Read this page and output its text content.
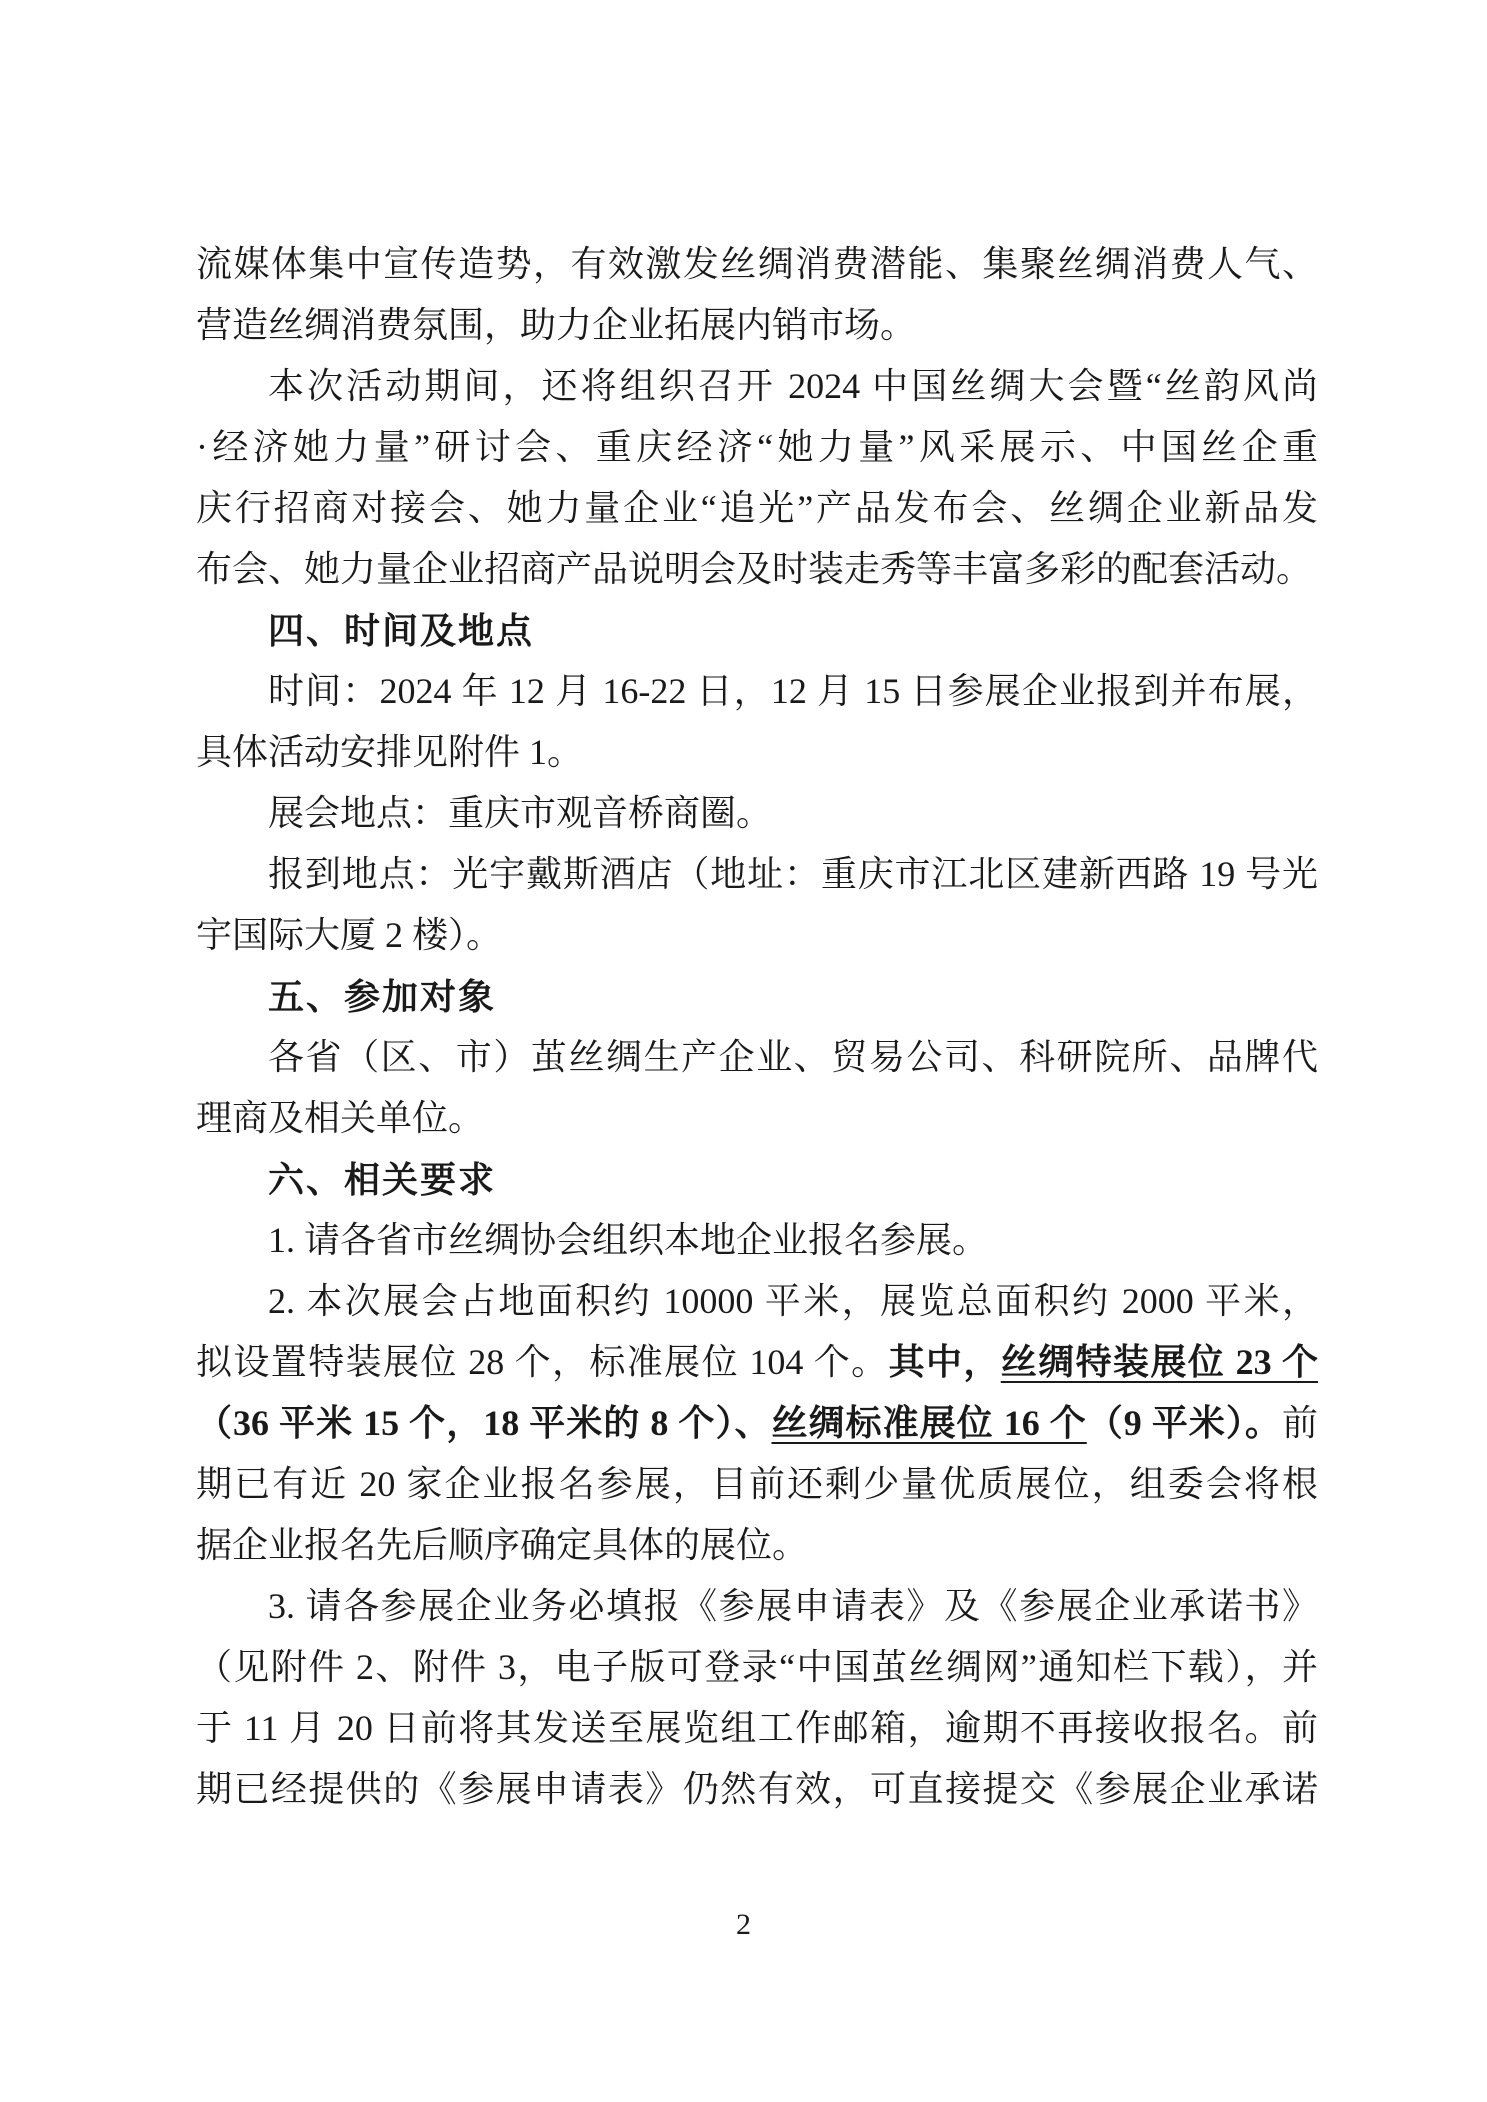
流媒体集中宣传造势，有效激发丝绸消费潜能、集聚丝绸消费人气、
营造丝绸消费氛围，助力企业拓展内销市场。
本次活动期间，还将组织召开 2024 中国丝绸大会暨“丝韵风尚
·经济她力量”研讨会、重庆经济“她力量”风采展示、中国丝企重
庆行招商对接会、她力量企业“追光”产品发布会、丝绸企业新品发
布会、她力量企业招商产品说明会及时装走秀等丰富多彩的配套活动。
四、时间及地点
时间：2024 年 12 月 16-22 日，12 月 15 日参展企业报到并布展，
具体活动安排见附件 1。
展会地点：重庆市观音桥商圈。
报到地点：光宇戴斯酒店（地址：重庆市江北区建新西路 19 号光
宇国际大厦 2 楼）。
五、参加对象
各省（区、市）茧丝绸生产企业、贸易公司、科研院所、品牌代
理商及相关单位。
六、相关要求
1. 请各省市丝绸协会组织本地企业报名参展。
2. 本次展会占地面积约 10000 平米，展览总面积约 2000 平米，
拟设置特装展位 28 个，标准展位 104 个。其中，丝绸特装展位 23 个
（36 平米 15 个，18 平米的 8 个）、丝绸标准展位 16 个（9 平米）。前
期已有近 20 家企业报名参展，目前还剩少量优质展位，组委会将根
据企业报名先后顺序确定具体的展位。
3. 请各参展企业务必填报《参展申请表》及《参展企业承诺书》
（见附件 2、附件 3，电子版可登录“中国茧丝绸网”通知栏下载），并
于 11 月 20 日前将其发送至展览组工作邮箱，逾期不再接收报名。前
期已经提供的《参展申请表》仍然有效，可直接提交《参展企业承诺
2
